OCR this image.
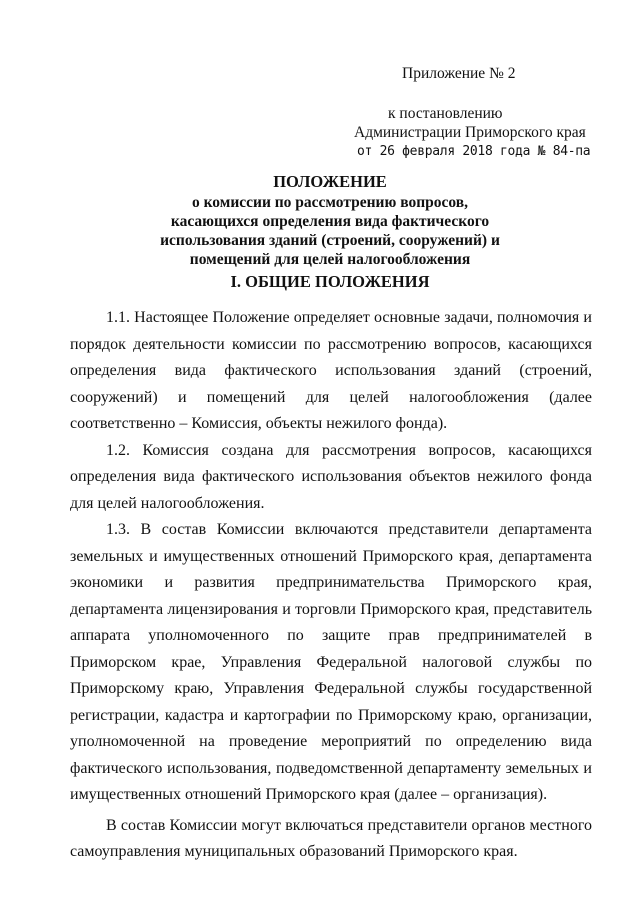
Приложение № 2
к постановлению
Администрации Приморского края
от 26 февраля 2018 года № 84-па
ПОЛОЖЕНИЕ
о комиссии по рассмотрению вопросов,
касающихся определения вида фактического
использования зданий (строений, сооружений) и
помещений для целей налогообложения
I. ОБЩИЕ ПОЛОЖЕНИЯ

1.1. Настоящее Положение определяет основные задачи, полномочия и порядок деятельности комиссии по рассмотрению вопросов, касающихся определения вида фактического использования зданий (строений, сооружений) и помещений для целей налогообложения (далее соответственно – Комиссия, объекты нежилого фонда).

1.2. Комиссия создана для рассмотрения вопросов, касающихся определения вида фактического использования объектов нежилого фонда для целей налогообложения.

1.3. В состав Комиссии включаются представители департамента земельных и имущественных отношений Приморского края, департамента экономики и развития предпринимательства Приморского края, департамента лицензирования и торговли Приморского края, представитель аппарата уполномоченного по защите прав предпринимателей в Приморском крае, Управления Федеральной налоговой службы по Приморскому краю, Управления Федеральной службы государственной регистрации, кадастра и картографии по Приморскому краю, организации, уполномоченной на проведение мероприятий по определению вида фактического использования, подведомственной департаменту земельных и имущественных отношений Приморского края (далее – организация).

В состав Комиссии могут включаться представители органов местного самоуправления муниципальных образований Приморского края.
